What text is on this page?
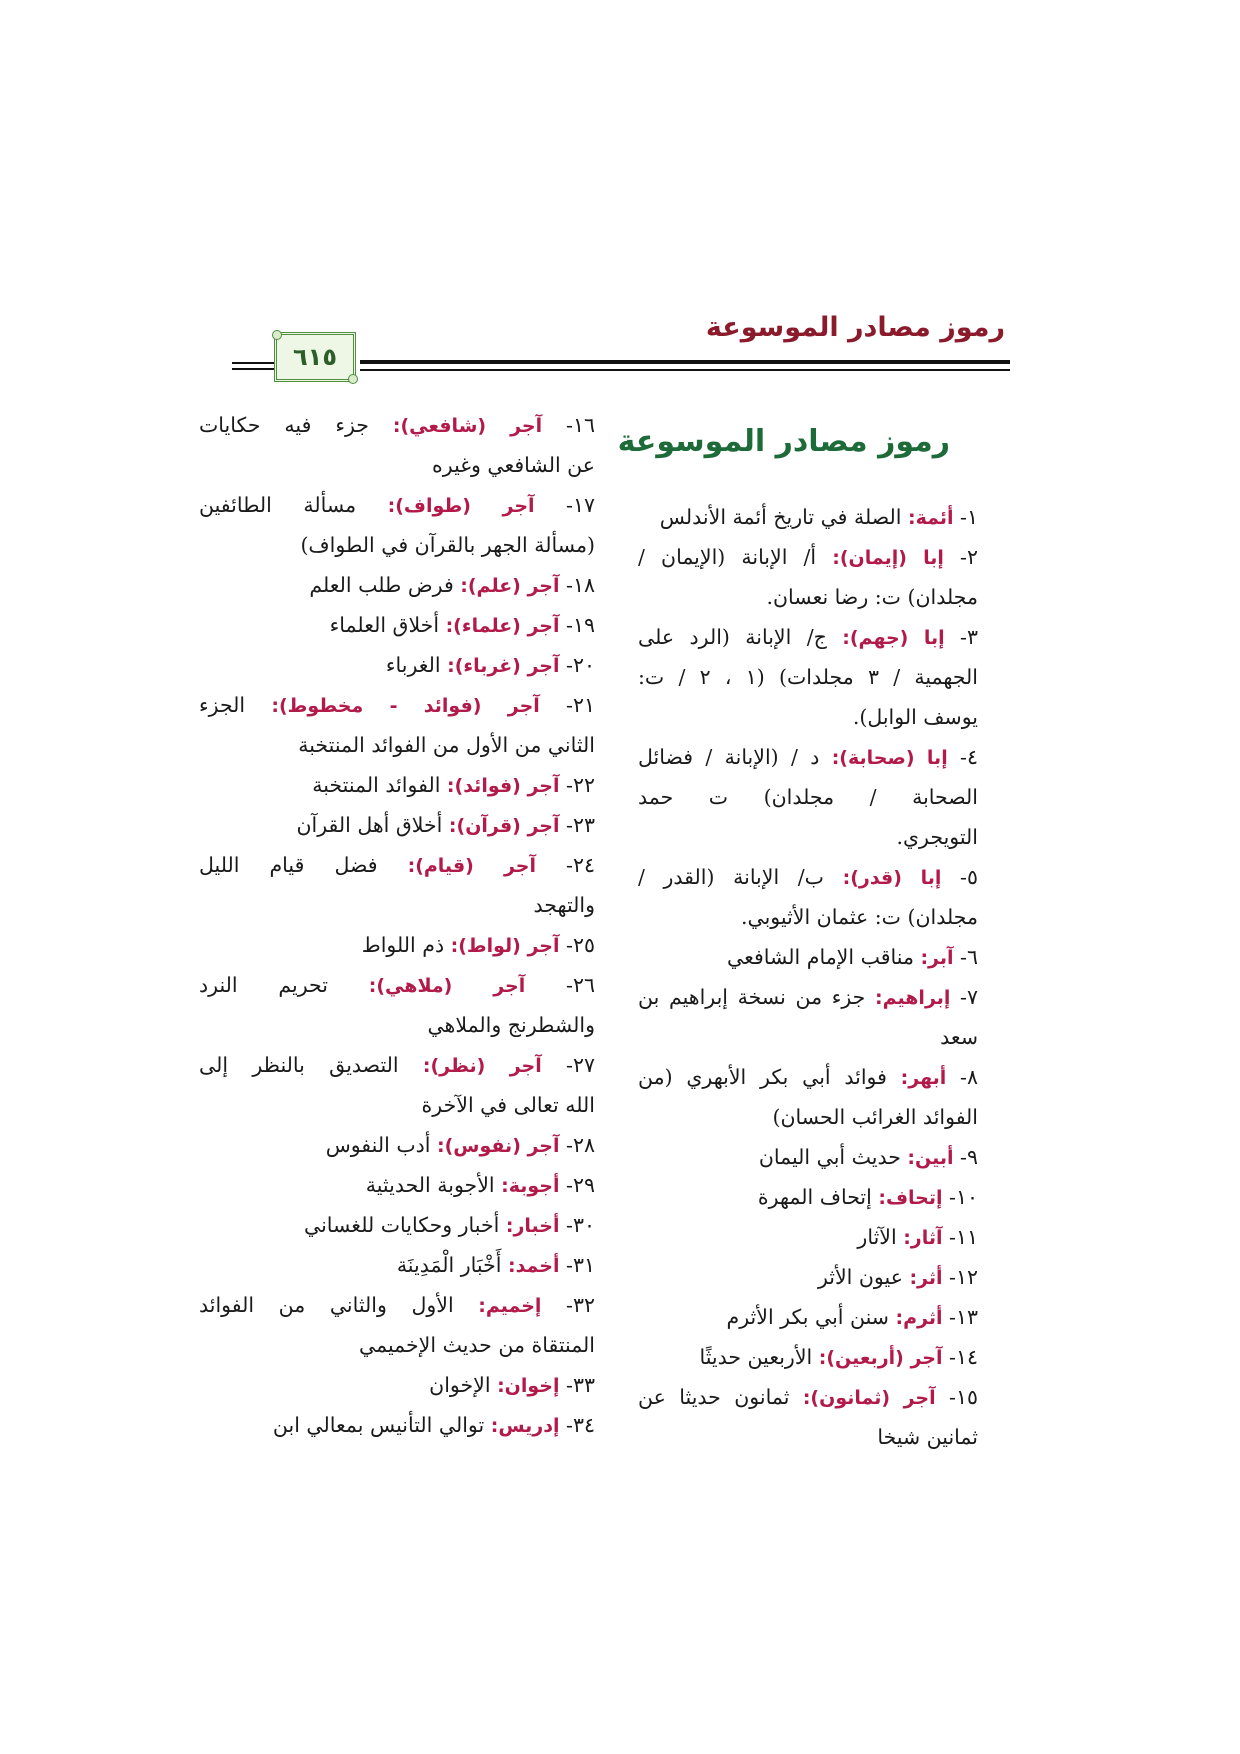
رموز مصادر الموسوعة
٦١٥
رموز مصادر الموسوعة
١- أئمة: الصلة في تاريخ أئمة الأندلس
٢- إبا (إيمان): أ/ الإبانة (الإيمان /
مجلدان) ت: رضا نعسان.
٣- إبا (جهم): ج/ الإبانة (الرد على
الجهمية / ٣ مجلدات) (١ ، ٢ / ت:
يوسف الوابل).
٤- إبا (صحابة): د / (الإبانة / فضائل
الصحابة / مجلدان) ت حمد
التويجري.
٥- إبا (قدر): ب/ الإبانة (القدر /
مجلدان) ت: عثمان الأثيوبي.
٦- آبر: مناقب الإمام الشافعي
٧- إبراهيم: جزء من نسخة إبراهيم بن
سعد
٨- أبهر: فوائد أبي بكر الأبهري (من
الفوائد الغرائب الحسان)
٩- أبين: حديث أبي اليمان
١٠- إتحاف: إتحاف المهرة
١١- آثار: الآثار
١٢- أثر: عيون الأثر
١٣- أثرم: سنن أبي بكر الأثرم
١٤- آجر (أربعين): الأربعين حديثًا
١٥- آجر (ثمانون): ثمانون حديثا عن
ثمانين شيخا
١٦- آجر (شافعي): جزء فيه حكايات
عن الشافعي وغيره
١٧- آجر (طواف): مسألة الطائفين
(مسألة الجهر بالقرآن في الطواف)
١٨- آجر (علم): فرض طلب العلم
١٩- آجر (علماء): أخلاق العلماء
٢٠- آجر (غرباء): الغرباء
٢١- آجر (فوائد - مخطوط): الجزء
الثاني من الأول من الفوائد المنتخبة
٢٢- آجر (فوائد): الفوائد المنتخبة
٢٣- آجر (قرآن): أخلاق أهل القرآن
٢٤- آجر (قيام): فضل قيام الليل
والتهجد
٢٥- آجر (لواط): ذم اللواط
٢٦- آجر (ملاهي): تحريم النرد
والشطرنج والملاهي
٢٧- آجر (نظر): التصديق بالنظر إلى
الله تعالى في الآخرة
٢٨- آجر (نفوس): أدب النفوس
٢٩- أجوبة: الأجوبة الحديثية
٣٠- أخبار: أخبار وحكايات للغساني
٣١- أخمد: أَخْبَار الْمَدِينَة
٣٢- إخميم: الأول والثاني من الفوائد
المنتقاة من حديث الإخميمي
٣٣- إخوان: الإخوان
٣٤- إدريس: توالي التأنيس بمعالي ابن
